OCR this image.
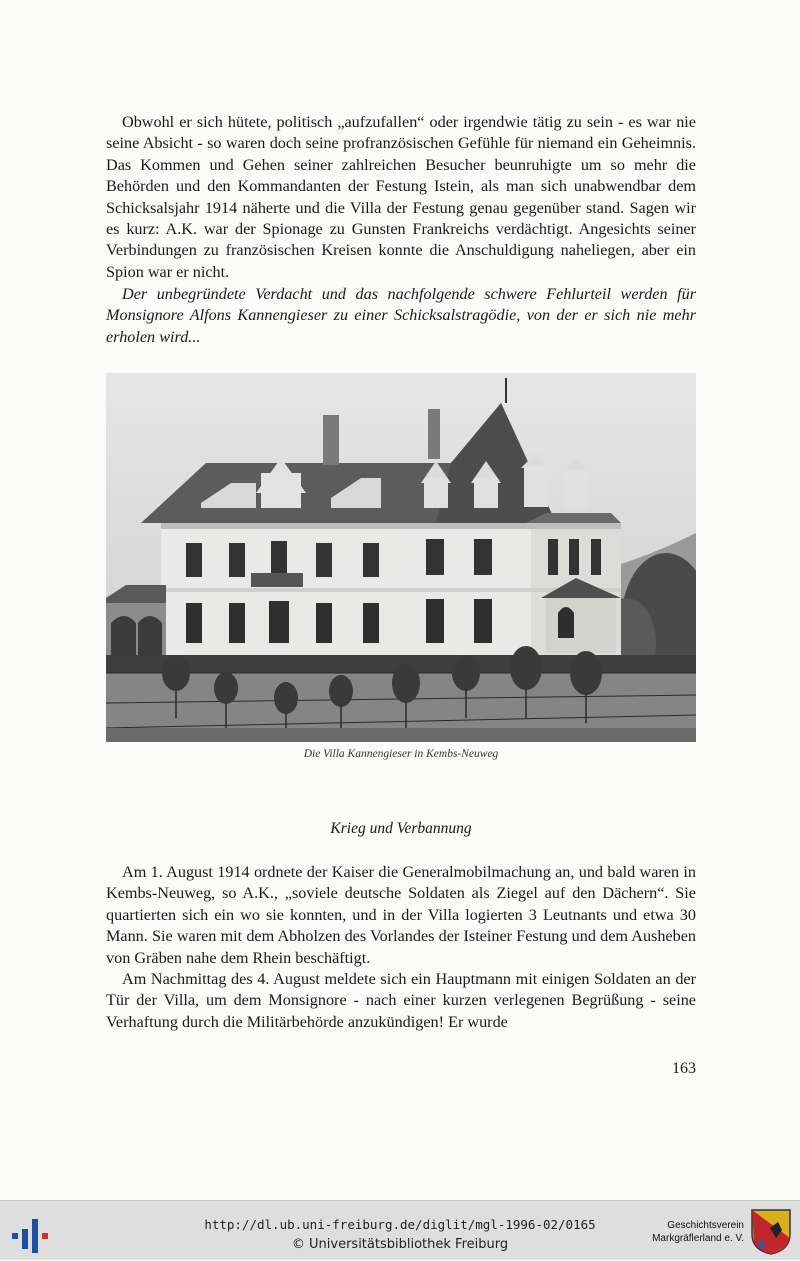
Obwohl er sich hütete, politisch „aufzufallen“ oder irgendwie tätig zu sein - es war nie seine Absicht - so waren doch seine profranzösischen Gefühle für niemand ein Geheimnis. Das Kommen und Gehen seiner zahlreichen Besucher beunruhigte um so mehr die Behörden und den Kommandanten der Festung Istein, als man sich unabwendbar dem Schicksalsjahr 1914 näherte und die Villa der Festung genau gegenüber stand. Sagen wir es kurz: A.K. war der Spionage zu Gunsten Frankreichs verdächtigt. Angesichts seiner Verbindungen zu französischen Kreisen konnte die Anschuldigung naheliegen, aber ein Spion war er nicht.

Der unbegründete Verdacht und das nachfolgende schwere Fehlurteil werden für Monsignore Alfons Kannengieser zu einer Schicksalstragödie, von der er sich nie mehr erholen wird...

Die Villa Kannengieser in Kembs-Neuweg
Krieg und Verbannung

Am 1. August 1914 ordnete der Kaiser die Generalmobilmachung an, und bald waren in Kembs-Neuweg, so A.K., „soviele deutsche Soldaten als Ziegel auf den Dächern“. Sie quartierten sich ein wo sie konnten, und in der Villa logierten 3 Leutnants und etwa 30 Mann. Sie waren mit dem Abholzen des Vorlandes der Isteiner Festung und dem Ausheben von Gräben nahe dem Rhein beschäftigt.

Am Nachmittag des 4. August meldete sich ein Hauptmann mit einigen Soldaten an der Tür der Villa, um dem Monsignore - nach einer kurzen verlegenen Begrüßung - seine Verhaftung durch die Militärbehörde anzukündigen! Er wurde

163
http://dl.ub.uni-freiburg.de/diglit/mgl-1996-02/0165
© Universitätsbibliothek Freiburg
Geschichtsverein
Markgräflerland e. V.
